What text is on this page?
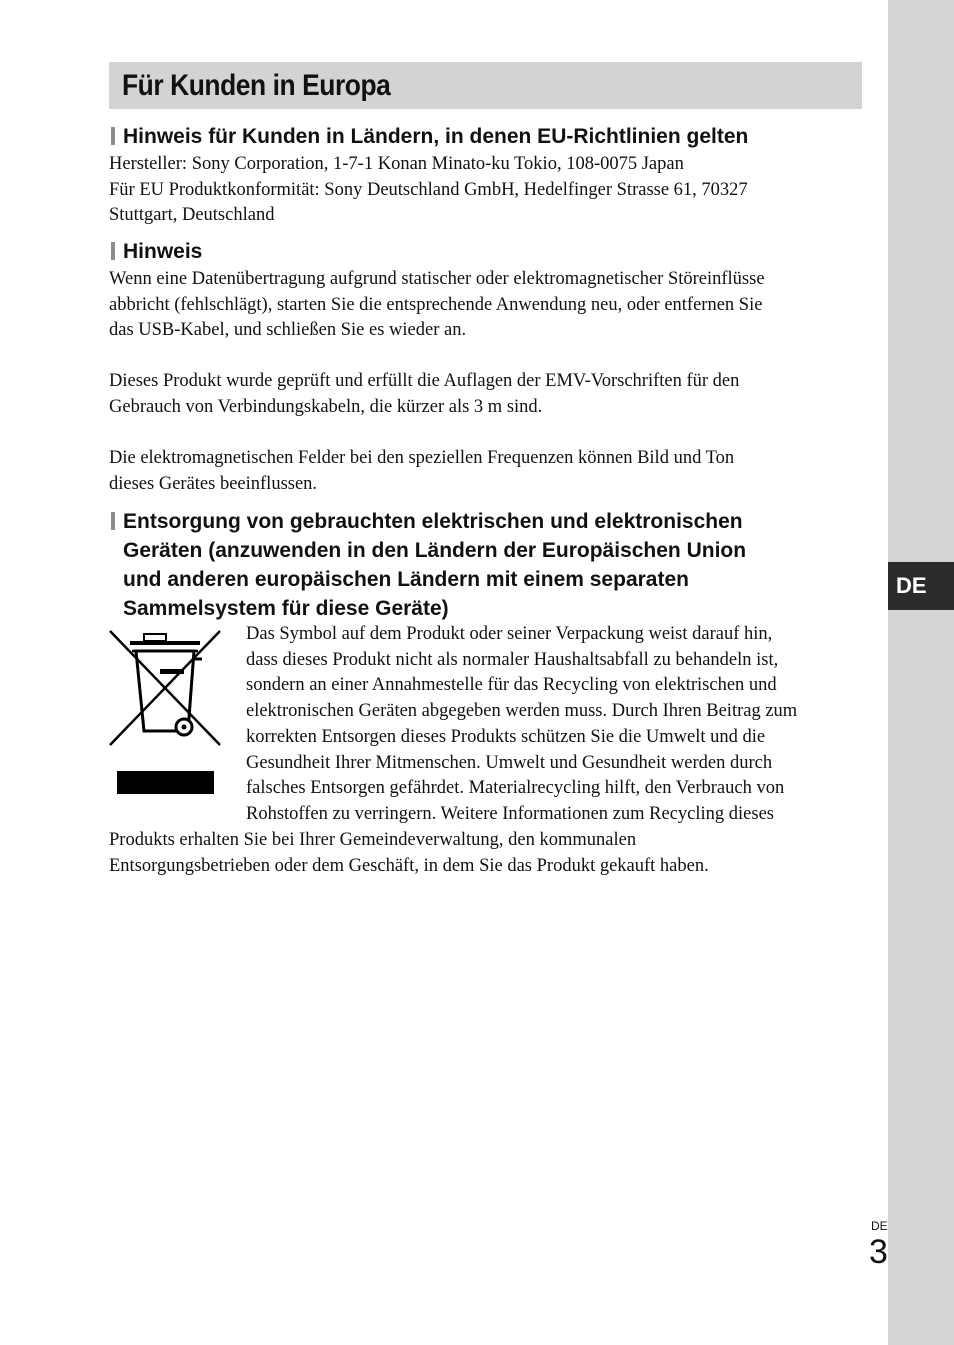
DE
Für Kunden in Europa
Hinweis für Kunden in Ländern, in denen EU-Richtlinien gelten
Hersteller: Sony Corporation, 1-7-1 Konan Minato-ku Tokio, 108-0075 Japan
Für EU Produktkonformität: Sony Deutschland GmbH, Hedelfinger Strasse 61, 70327
Stuttgart, Deutschland
Hinweis
Wenn eine Datenübertragung aufgrund statischer oder elektromagnetischer Störeinflüsse
abbricht (fehlschlägt), starten Sie die entsprechende Anwendung neu, oder entfernen Sie
das USB-Kabel, und schließen Sie es wieder an.
Dieses Produkt wurde geprüft und erfüllt die Auflagen der EMV-Vorschriften für den
Gebrauch von Verbindungskabeln, die kürzer als 3 m sind.
Die elektromagnetischen Felder bei den speziellen Frequenzen können Bild und Ton
dieses Gerätes beeinflussen.
Entsorgung von gebrauchten elektrischen und elektronischen
Geräten (anzuwenden in den Ländern der Europäischen Union
und anderen europäischen Ländern mit einem separaten
Sammelsystem für diese Geräte)
Das Symbol auf dem Produkt oder seiner Verpackung weist darauf hin,
dass dieses Produkt nicht als normaler Haushaltsabfall zu behandeln ist,
sondern an einer Annahmestelle für das Recycling von elektrischen und
elektronischen Geräten abgegeben werden muss. Durch Ihren Beitrag zum
korrekten Entsorgen dieses Produkts schützen Sie die Umwelt und die
Gesundheit Ihrer Mitmenschen. Umwelt und Gesundheit werden durch
falsches Entsorgen gefährdet. Materialrecycling hilft, den Verbrauch von
Rohstoffen zu verringern. Weitere Informationen zum Recycling dieses
Produkts erhalten Sie bei Ihrer Gemeindeverwaltung, den kommunalen
Entsorgungsbetrieben oder dem Geschäft, in dem Sie das Produkt gekauft haben.
DE
3
